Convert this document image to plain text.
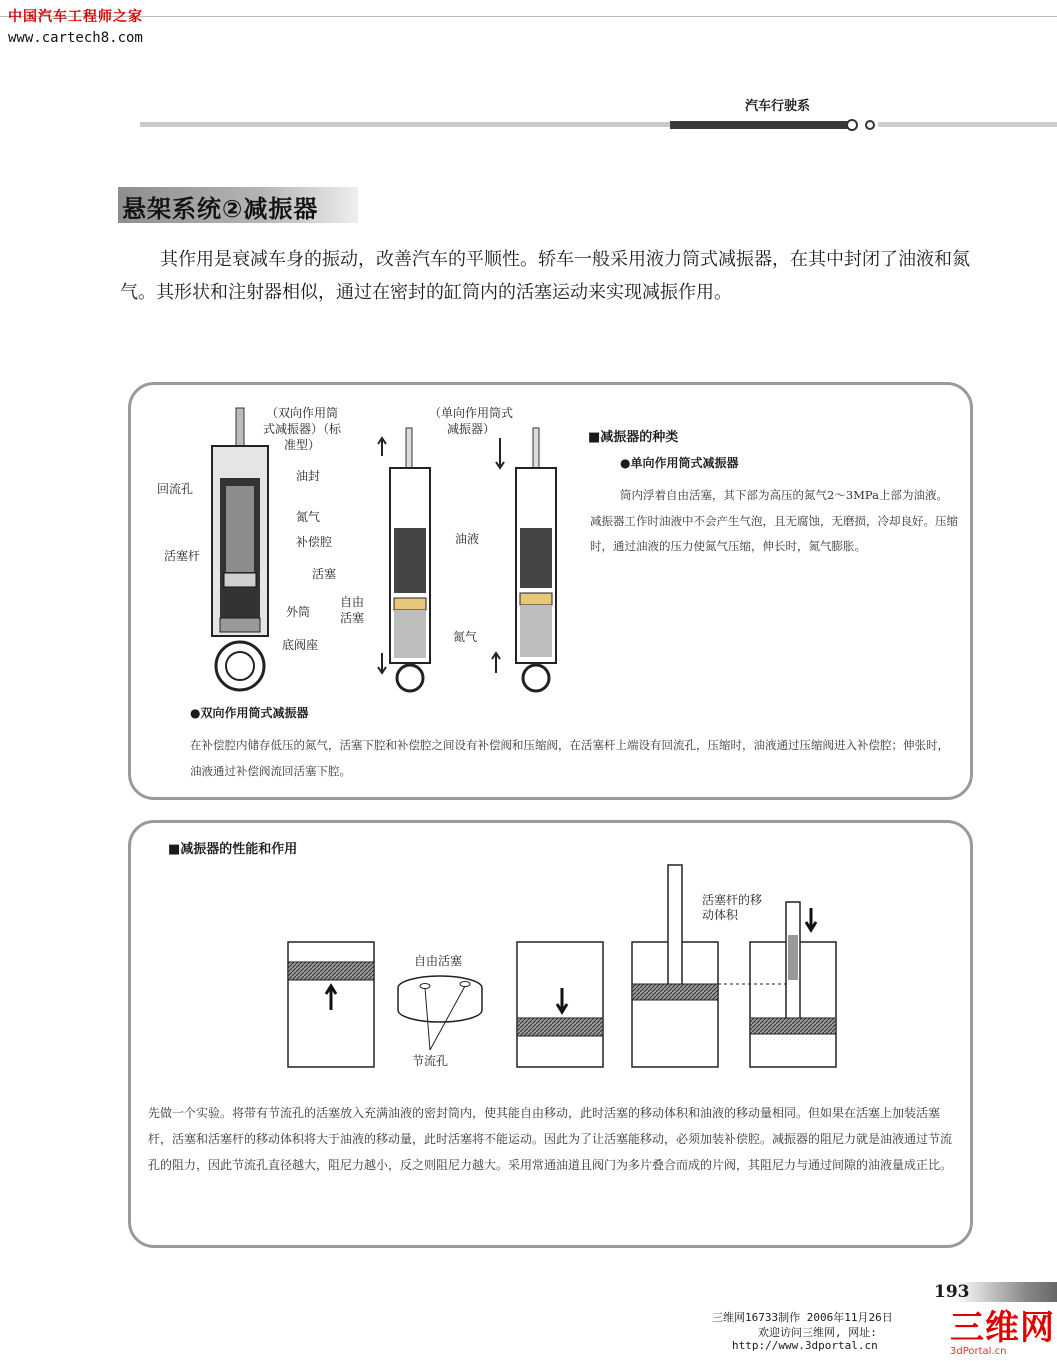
中国汽车工程师之家
www.cartech8.com
汽车行驶系
悬架系统②减振器
其作用是衰减车身的振动，改善汽车的平顺性。轿车一般采用液力筒式减振器，在其中封闭了油液和氮气。其形状和注射器相似，通过在密封的缸筒内的活塞运动来实现减振作用。
（双向作用筒式减振器）（标准型）
（单向作用筒式减振器）
回流孔
油封
氮气
补偿腔
活塞杆
活塞
外筒
底阀座
油液
自由活塞
氮气
■减振器的种类
●单向作用筒式减振器
筒内浮着自由活塞，其下部为高压的氮气2～3MPa上部为油液。减振器工作时油液中不会产生气泡，且无腐蚀，无磨损，冷却良好。压缩时，通过油液的压力使氮气压缩，伸长时，氮气膨胀。
●双向作用筒式减振器
在补偿腔内储存低压的氮气，活塞下腔和补偿腔之间设有补偿阀和压缩阀，在活塞杆上端设有回流孔，压缩时，油液通过压缩阀进入补偿腔；伸张时，油液通过补偿阀流回活塞下腔。
■减振器的性能和作用
自由活塞
节流孔
活塞杆的移动体积
先做一个实验。将带有节流孔的活塞放入充满油液的密封筒内，使其能自由移动，此时活塞的移动体积和油液的移动量相同。但如果在活塞上加装活塞杆，活塞和活塞杆的移动体积将大于油液的移动量，此时活塞将不能运动。因此为了让活塞能移动，必须加装补偿腔。减振器的阻尼力就是油液通过节流孔的阻力，因此节流孔直径越大，阻尼力越小，反之则阻尼力越大。采用常通油道且阀门为多片叠合而成的片阀，其阻尼力与通过间隙的油液量成正比。
193
三维网16733制作 2006年11月26日
欢迎访问三维网, 网址:
http://www.3dportal.cn 三维网
3dPortal.cn
